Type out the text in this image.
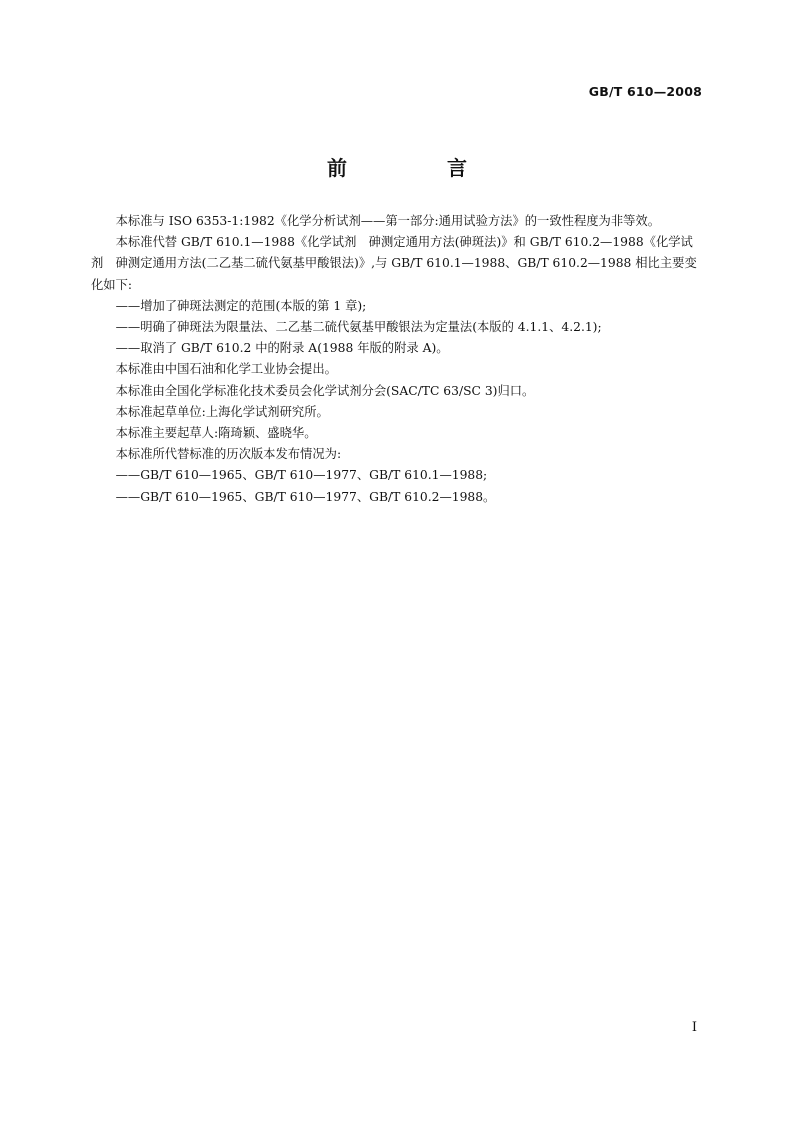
GB/T 610—2008
前　言

本标准与 ISO 6353-1:1982《化学分析试剂——第一部分:通用试验方法》的一致性程度为非等效。

本标准代替 GB/T 610.1—1988《化学试剂　砷测定通用方法(砷斑法)》和 GB/T 610.2—1988《化学试剂　砷测定通用方法(二乙基二硫代氨基甲酸银法)》,与 GB/T 610.1—1988、GB/T 610.2—1988 相比主要变化如下:

——增加了砷斑法测定的范围(本版的第 1 章);

——明确了砷斑法为限量法、二乙基二硫代氨基甲酸银法为定量法(本版的 4.1.1、4.2.1);

——取消了 GB/T 610.2 中的附录 A(1988 年版的附录 A)。

本标准由中国石油和化学工业协会提出。

本标准由全国化学标准化技术委员会化学试剂分会(SAC/TC 63/SC 3)归口。

本标准起草单位:上海化学试剂研究所。

本标准主要起草人:隋琦颖、盛晓华。

本标准所代替标准的历次版本发布情况为:

——GB/T 610—1965、GB/T 610—1977、GB/T 610.1—1988;

——GB/T 610—1965、GB/T 610—1977、GB/T 610.2—1988。

I
